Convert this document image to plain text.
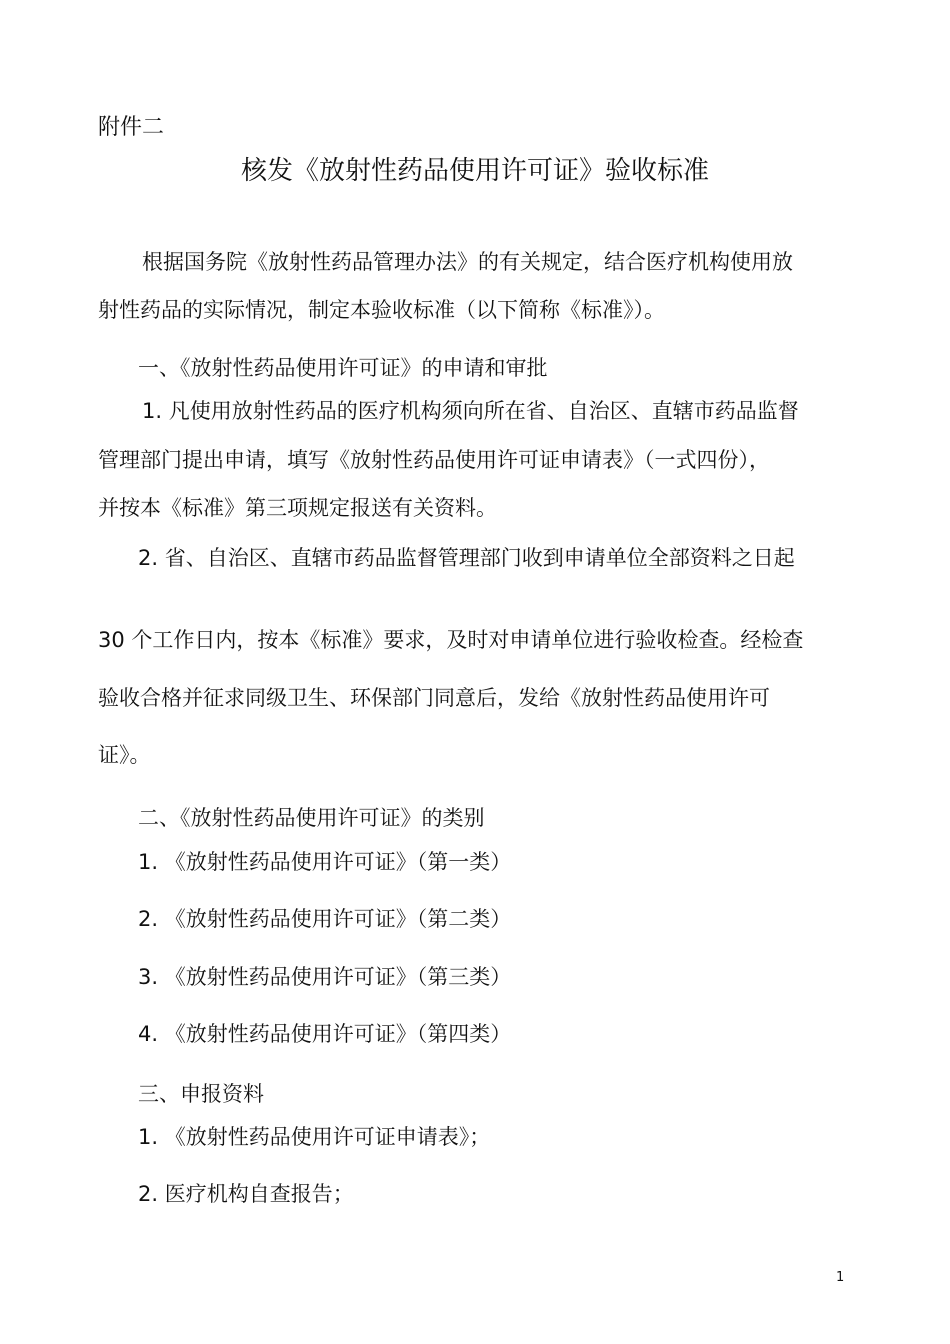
附件二
核发《放射性药品使用许可证》验收标准
根据国务院《放射性药品管理办法》的有关规定，结合医疗机构使用放
射性药品的实际情况，制定本验收标准（以下简称《标准》）。
一、《放射性药品使用许可证》的申请和审批
1. 凡使用放射性药品的医疗机构须向所在省、自治区、直辖市药品监督
管理部门提出申请，填写《放射性药品使用许可证申请表》（一式四份），
并按本《标准》第三项规定报送有关资料。
2. 省、自治区、直辖市药品监督管理部门收到申请单位全部资料之日起
30 个工作日内，按本《标准》要求，及时对申请单位进行验收检查。经检查
验收合格并征求同级卫生、环保部门同意后，发给《放射性药品使用许可
证》。
二、《放射性药品使用许可证》的类别
1. 《放射性药品使用许可证》（第一类）
2. 《放射性药品使用许可证》（第二类）
3. 《放射性药品使用许可证》（第三类）
4. 《放射性药品使用许可证》（第四类）
三、申报资料
1. 《放射性药品使用许可证申请表》；
2. 医疗机构自查报告；
1
